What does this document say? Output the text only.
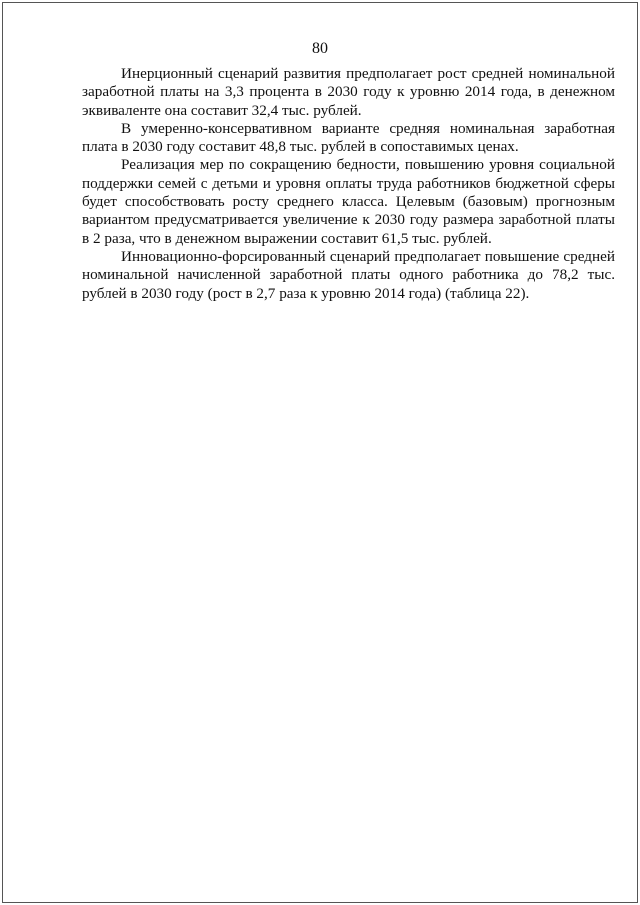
80

Инерционный сценарий развития предполагает рост средней номинальной заработной платы на 3,3 процента в 2030 году к уровню 2014 года, в денежном эквиваленте она составит 32,4 тыс. рублей.

В умеренно-консервативном варианте средняя номинальная заработная плата в 2030 году составит 48,8 тыс. рублей в сопоставимых ценах.

Реализация мер по сокращению бедности, повышению уровня социальной поддержки семей с детьми и уровня оплаты труда работников бюджетной сферы будет способствовать росту среднего класса. Целевым (базовым) прогнозным вариантом предусматривается увеличение к 2030 году размера заработной платы в 2 раза, что в денежном выражении составит 61,5 тыс. рублей.

Инновационно-форсированный сценарий предполагает повышение средней номинальной начисленной заработной платы одного работника до 78,2 тыс. рублей в 2030 году (рост в 2,7 раза к уровню 2014 года) (таблица 22).
